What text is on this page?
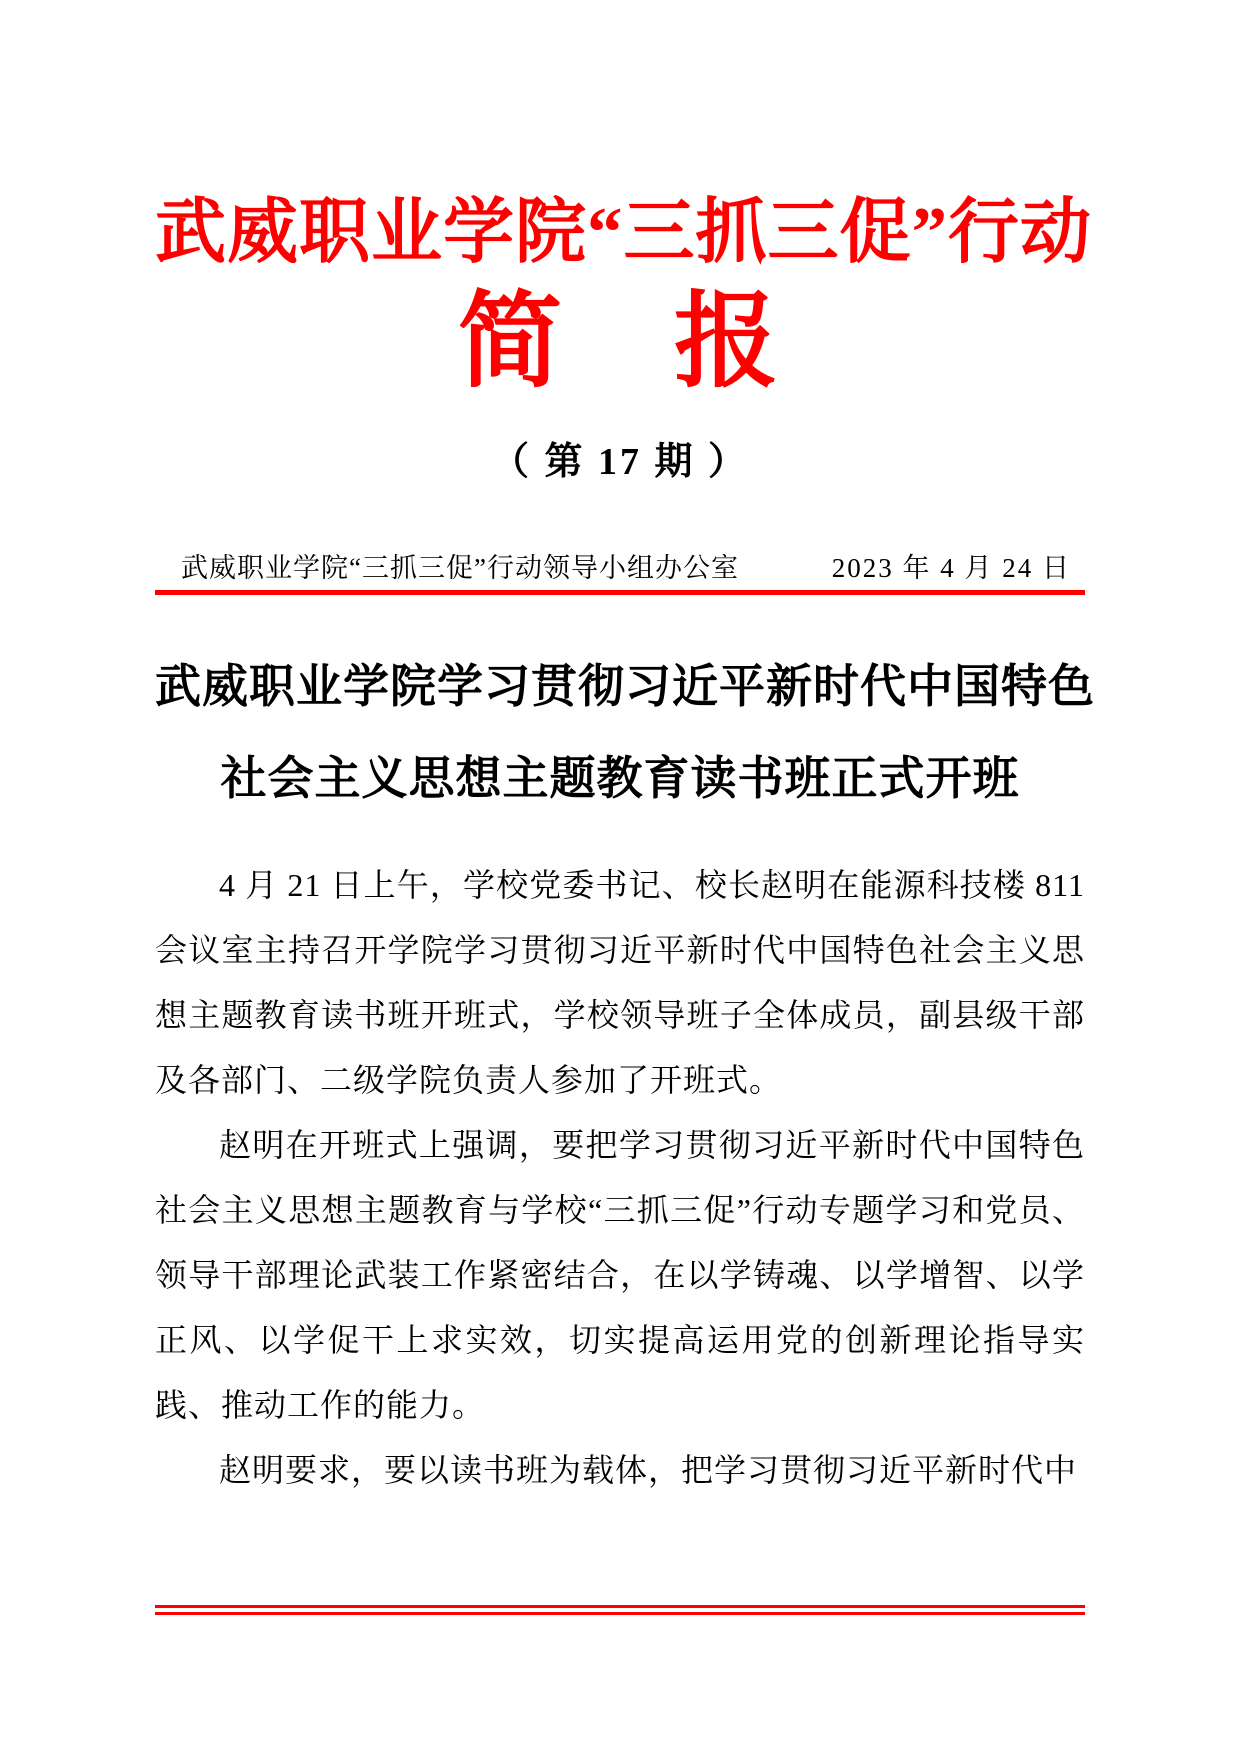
武威职业学院“三抓三促”行动
简　报
（ 第 17 期 ）
武威职业学院“三抓三促”行动领导小组办公室	2023 年 4 月 24 日
武威职业学院学习贯彻习近平新时代中国特色
社会主义思想主题教育读书班正式开班

4 月 21 日上午，学校党委书记、校长赵明在能源科技楼 811 会议室主持召开学院学习贯彻习近平新时代中国特色社会主义思想主题教育读书班开班式，学校领导班子全体成员，副县级干部及各部门、二级学院负责人参加了开班式。

赵明在开班式上强调，要把学习贯彻习近平新时代中国特色社会主义思想主题教育与学校“三抓三促”行动专题学习和党员、领导干部理论武装工作紧密结合，在以学铸魂、以学增智、以学正风、以学促干上求实效，切实提高运用党的创新理论指导实践、推动工作的能力。

赵明要求，要以读书班为载体，把学习贯彻习近平新时代中
